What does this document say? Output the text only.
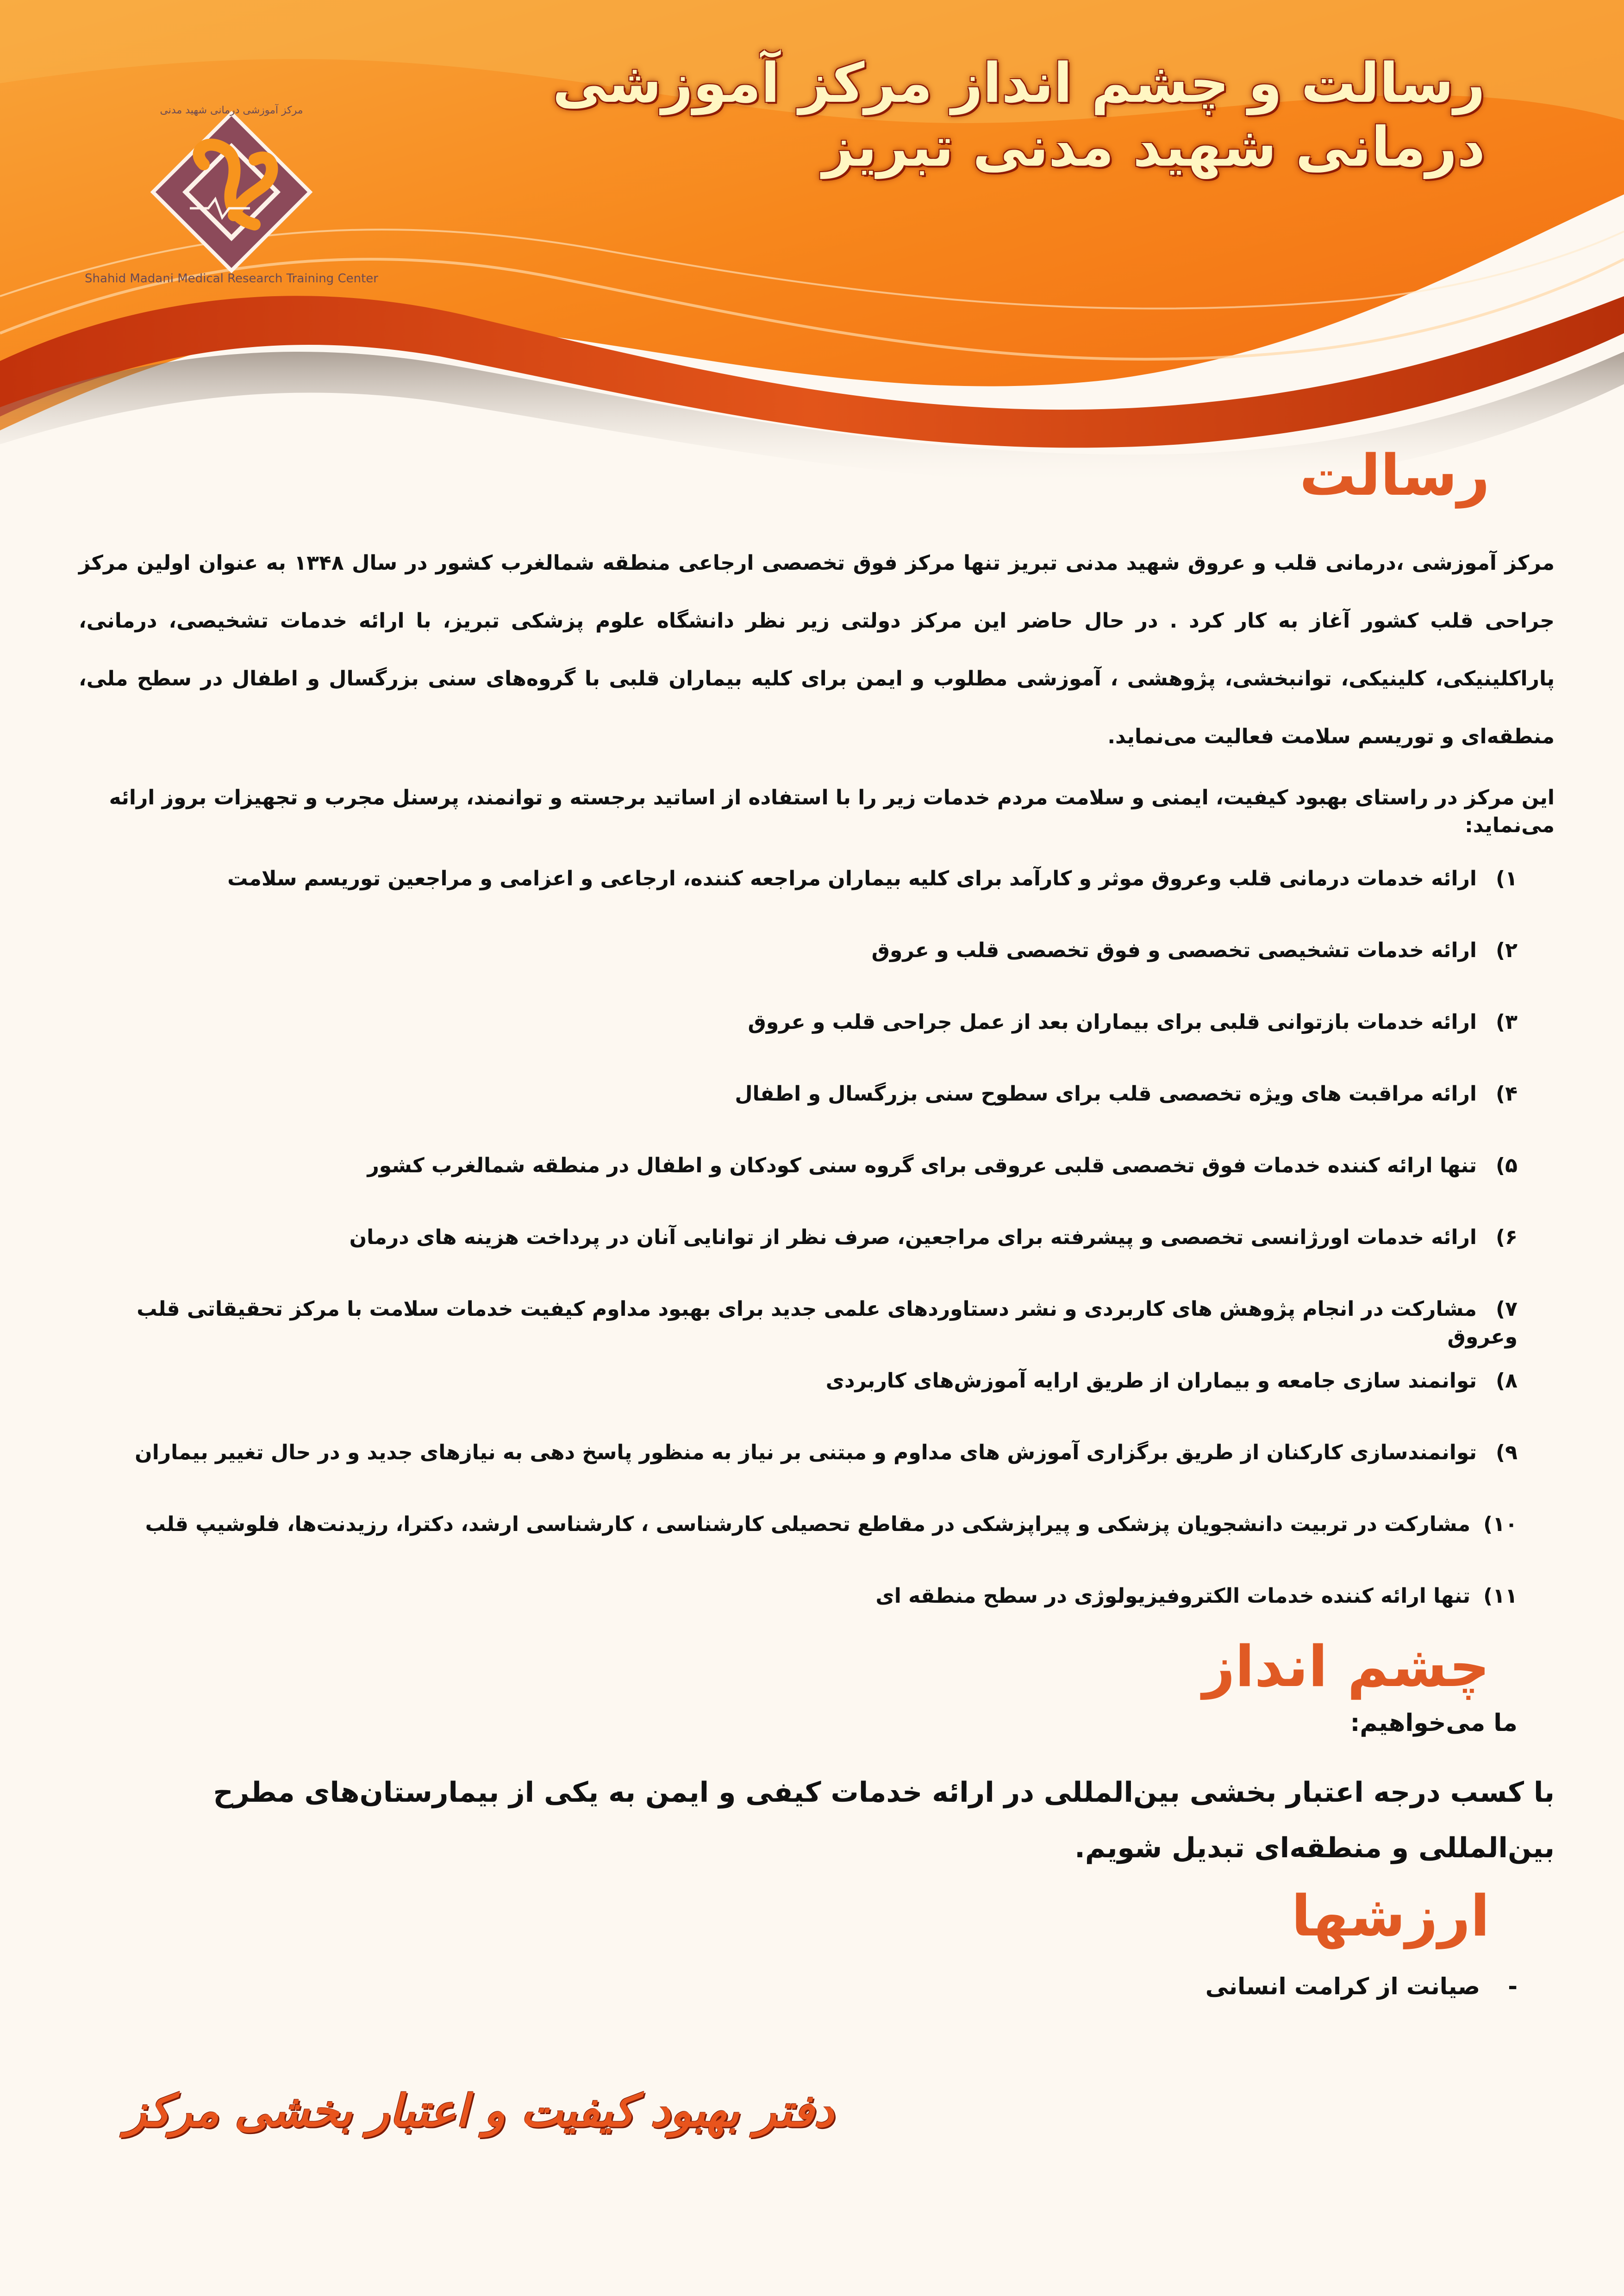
Shahid Madani Medical Research Training Center
مرکز آموزشی درمانی شهید مدنی	رسالت و چشم انداز مرکز آموزشی درمانی شهید مدنی تبریز
رسالت

مرکز آموزشی ،درمانی قلب و عروق شهید مدنی تبریز تنها مرکز فوق تخصصی ارجاعی منطقه شمالغرب کشور در سال ۱۳۴۸ به عنوان اولین مرکز جراحی قلب کشور آغاز به کار کرد . در حال حاضر این مرکز دولتی زیر نظر دانشگاه علوم پزشکی تبریز، با ارائه خدمات تشخیصی، درمانی، پاراکلینیکی، کلینیکی، توانبخشی، پژوهشی ، آموزشی مطلوب و ایمن برای کلیه بیماران قلبی با گروه‌های سنی بزرگسال و اطفال در سطح ملی، منطقه‌ای و توریسم سلامت فعالیت می‌نماید.

این مرکز در راستای بهبود کیفیت، ایمنی و سلامت مردم خدمات زیر را با استفاده از اساتید برجسته و توانمند، پرسنل مجرب و تجهیزات بروز ارائه می‌نماید:

۱)ارائه خدمات درمانی قلب وعروق موثر و کارآمد برای کلیه بیماران مراجعه کننده، ارجاعی و اعزامی و مراجعین توریسم سلامت
۲)ارائه خدمات تشخیصی تخصصی و فوق تخصصی قلب و عروق
۳)ارائه خدمات بازتوانی قلبی برای بیماران بعد از عمل جراحی قلب و عروق
۴)ارائه مراقبت های ویژه تخصصی قلب برای سطوح سنی بزرگسال و اطفال
۵)تنها ارائه کننده خدمات فوق تخصصی قلبی عروقی برای گروه سنی کودکان و اطفال در منطقه شمالغرب کشور
۶)ارائه خدمات اورژانسی تخصصی و پیشرفته برای مراجعین، صرف نظر از توانایی آنان در پرداخت هزینه های درمان
۷)مشارکت در انجام پژوهش های کاربردی و نشر دستاوردهای علمی جدید برای بهبود مداوم کیفیت خدمات سلامت با مرکز تحقیقاتی قلب وعروق
۸)توانمند سازی جامعه و بیماران از طریق ارایه آموزش‌های کاربردی
۹)توانمندسازی کارکنان از طریق برگزاری آموزش های مداوم و مبتنی بر نیاز به منظور پاسخ دهی به نیازهای جدید و در حال تغییر بیماران
۱۰)مشارکت در تربیت دانشجویان پزشکی و پیراپزشکی در مقاطع تحصیلی کارشناسی ، کارشناسی ارشد، دکترا، رزیدنت‌ها، فلوشیپ قلب
۱۱)تنها ارائه کننده خدمات الکتروفیزیولوژی در سطح منطقه ای
چشم انداز

ما می‌خواهیم:

با کسب درجه اعتبار بخشی بین‌المللی در ارائه خدمات کیفی و ایمن به یکی از بیمارستان‌های مطرح بین‌المللی و منطقه‌ای تبدیل شویم.

ارزشها
-صیانت از کرامت انسانی
دفتر بهبود کیفیت و اعتبار بخشی مرکز
